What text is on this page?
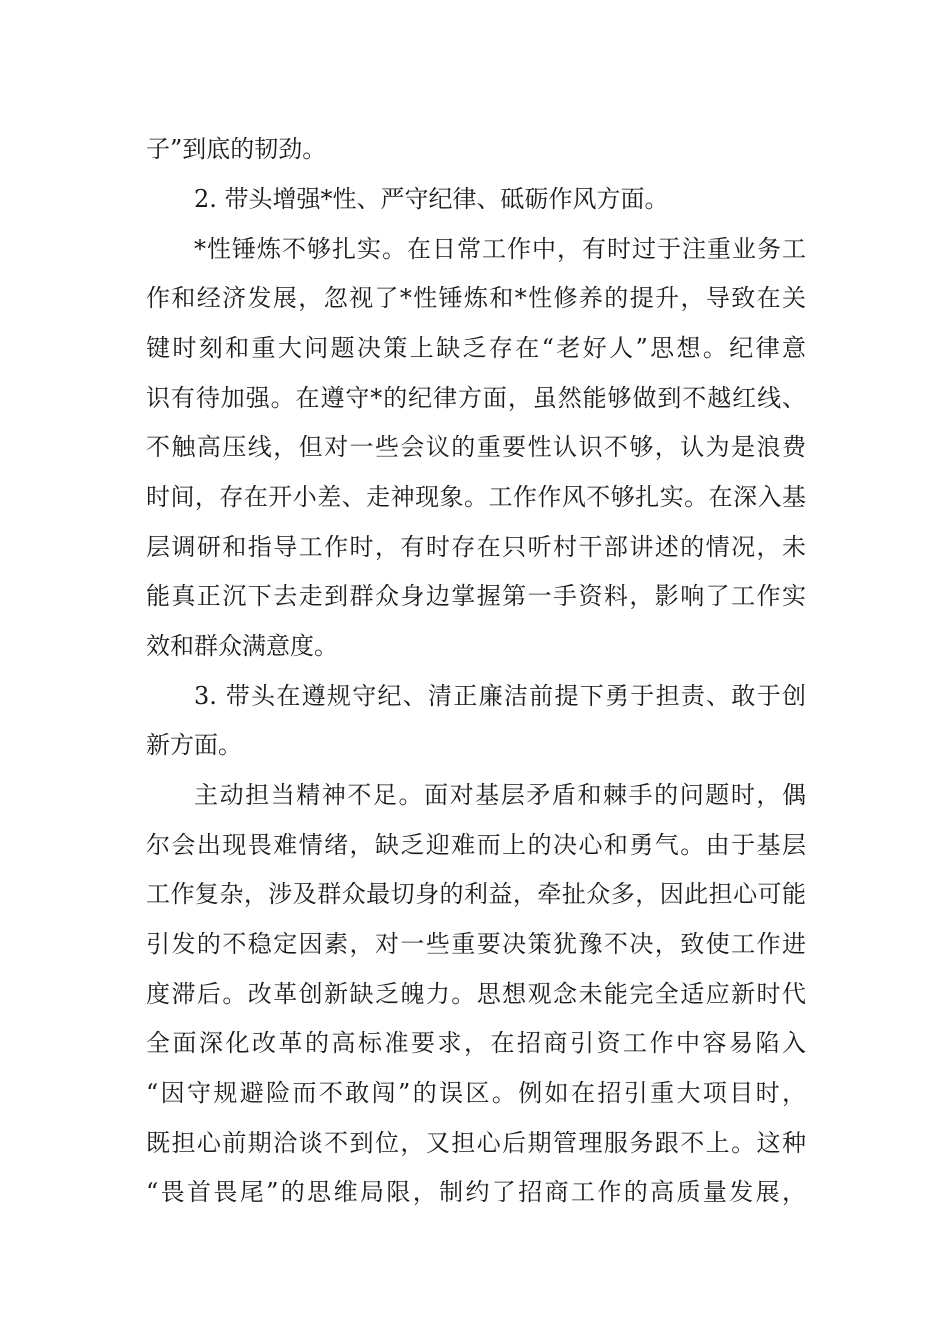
子”到底的韧劲。
2. 带头增强*性、严守纪律、砥砺作风方面。
*性锤炼不够扎实。在日常工作中，有时过于注重业务工
作和经济发展，忽视了*性锤炼和*性修养的提升，导致在关
键时刻和重大问题决策上缺乏存在“老好人”思想。纪律意
识有待加强。在遵守*的纪律方面，虽然能够做到不越红线、
不触高压线，但对一些会议的重要性认识不够，认为是浪费
时间，存在开小差、走神现象。工作作风不够扎实。在深入基
层调研和指导工作时，有时存在只听村干部讲述的情况，未
能真正沉下去走到群众身边掌握第一手资料，影响了工作实
效和群众满意度。
3. 带头在遵规守纪、清正廉洁前提下勇于担责、敢于创
新方面。
主动担当精神不足。面对基层矛盾和棘手的问题时，偶
尔会出现畏难情绪，缺乏迎难而上的决心和勇气。由于基层
工作复杂，涉及群众最切身的利益，牵扯众多，因此担心可能
引发的不稳定因素，对一些重要决策犹豫不决，致使工作进
度滞后。改革创新缺乏魄力。思想观念未能完全适应新时代
全面深化改革的高标准要求，在招商引资工作中容易陷入
“因守规避险而不敢闯”的误区。例如在招引重大项目时，
既担心前期洽谈不到位，又担心后期管理服务跟不上。这种
“畏首畏尾”的思维局限，制约了招商工作的高质量发展，
